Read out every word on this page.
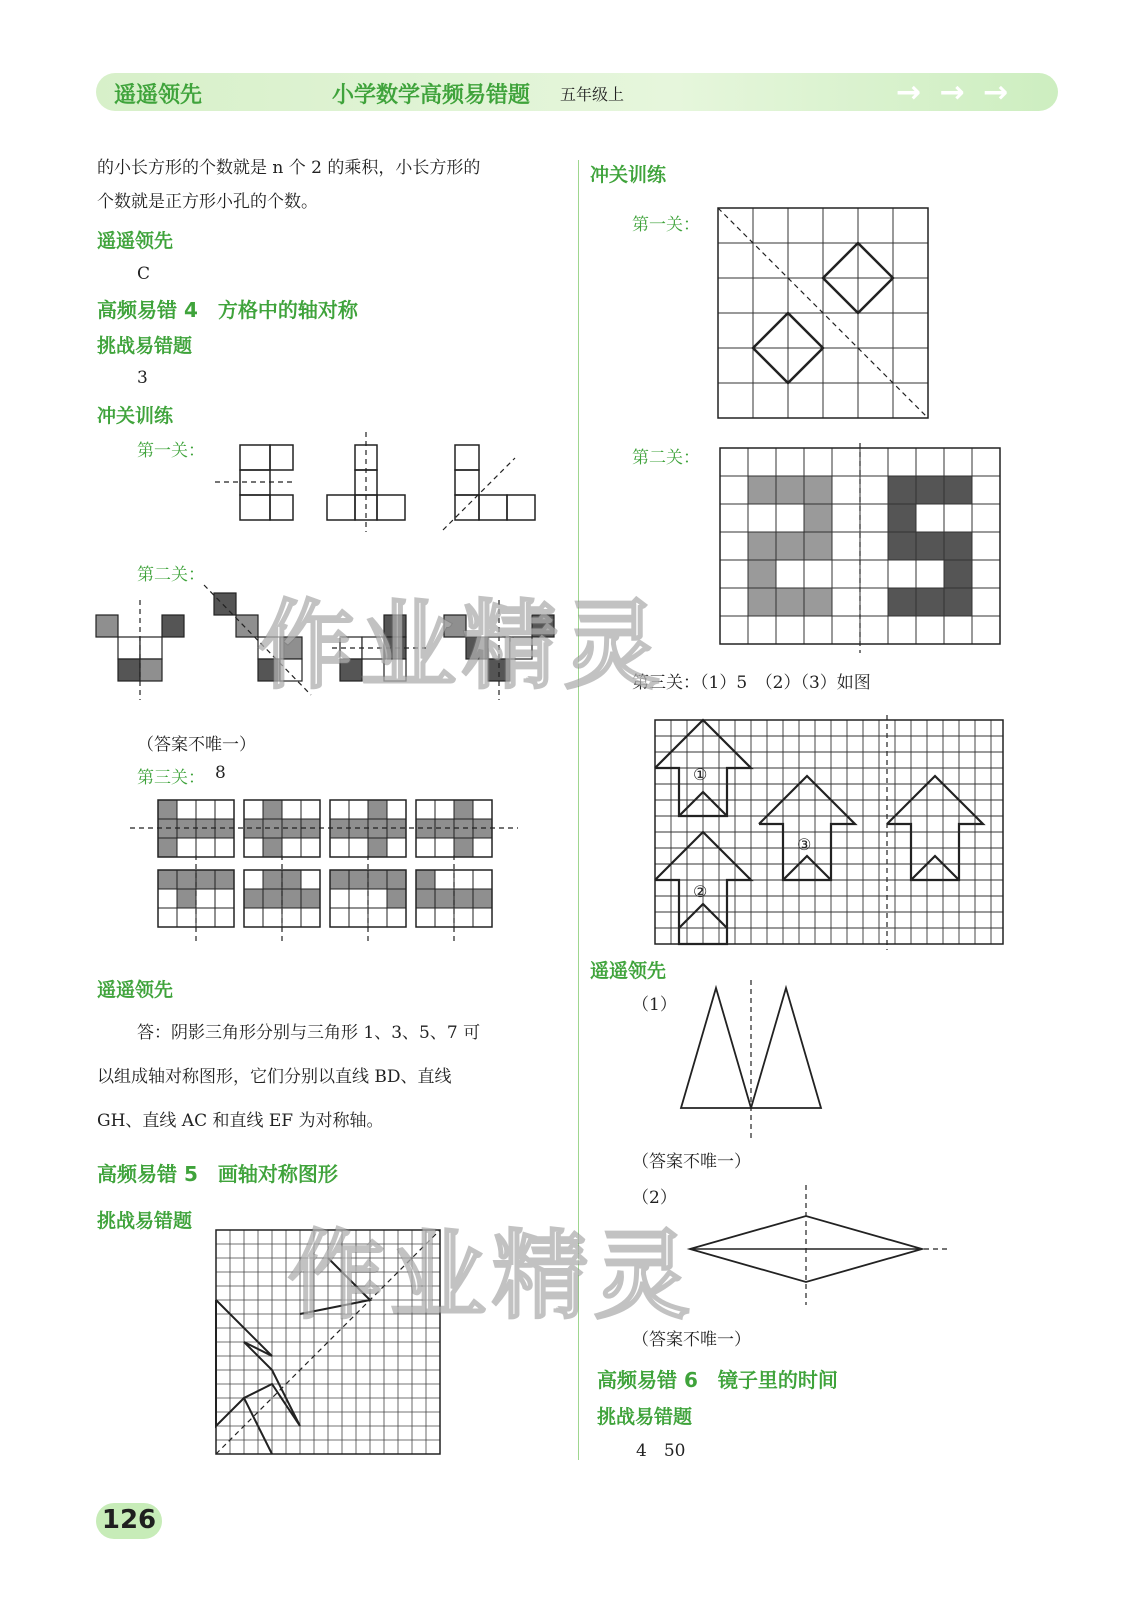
遥遥领先	小学数学高频易错题 五年级上	→ → →
的小长方形的个数就是 n 个 2 的乘积，小长方形的
个数就是正方形小孔的个数。
遥遥领先
C
高频易错 4　方格中的轴对称
挑战易错题
3
冲关训练
第一关：
第二关：
（答案不唯一）
第三关： 8
遥遥领先
答：阴影三角形分别与三角形 1、3、5、7 可
以组成轴对称图形，它们分别以直线 BD、直线
GH、直线 AC 和直线 EF 为对称轴。
高频易错 5　画轴对称图形
挑战易错题
冲关训练
第一关：
第二关：
第三关：（1）5　（2）（3）如图
①
②
③
遥遥领先
（1）
（答案不唯一）
（2）
（答案不唯一）
高频易错 6　镜子里的时间
挑战易错题
4　50
作业精灵
作业精灵
126
